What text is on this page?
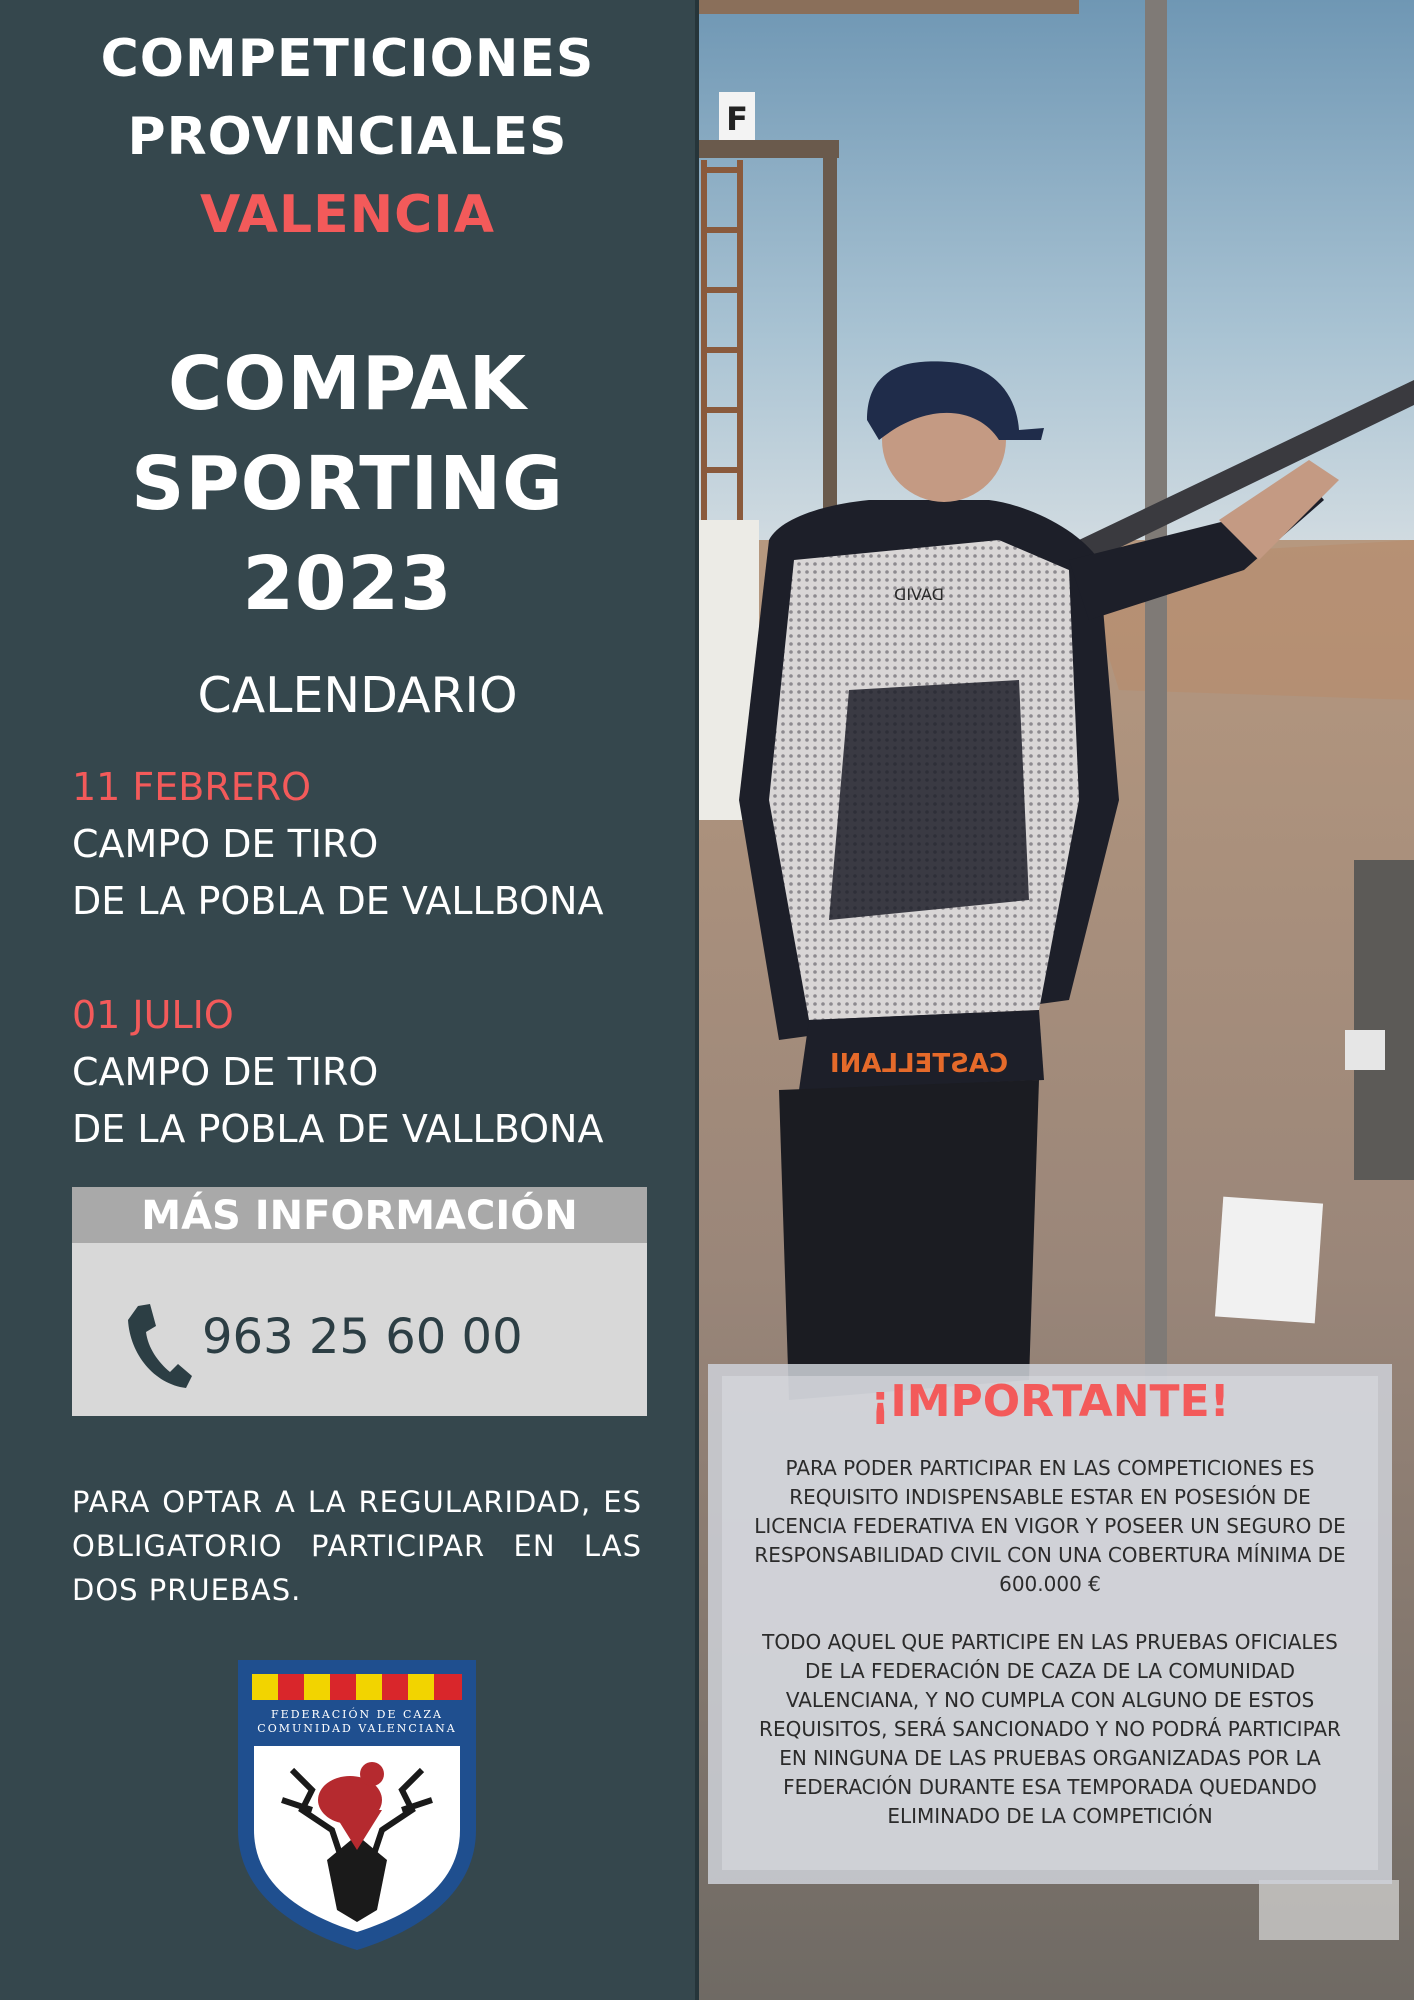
COMPETICIONES
PROVINCIALES
VALENCIA
COMPAK
SPORTING
2023
CALENDARIO
11 FEBRERO
CAMPO DE TIRO
DE LA POBLA DE VALLBONA
01 JULIO
CAMPO DE TIRO
DE LA POBLA DE VALLBONA
MÁS INFORMACIÓN
963 25 60 00
PARA OPTAR A LA REGULARIDAD, ES OBLIGATORIO PARTICIPAR EN LAS DOS PRUEBAS.
FEDERACIÓN DE CAZA
COMUNIDAD VALENCIANA
F
CASTELLANI
DAVID
¡IMPORTANTE!
PARA PODER PARTICIPAR EN LAS COMPETICIONES ES REQUISITO INDISPENSABLE ESTAR EN POSESIÓN DE LICENCIA FEDERATIVA EN VIGOR Y POSEER UN SEGURO DE RESPONSABILIDAD CIVIL CON UNA COBERTURA MÍNIMA DE 600.000 €
TODO AQUEL QUE PARTICIPE EN LAS PRUEBAS OFICIALES DE LA FEDERACIÓN DE CAZA DE LA COMUNIDAD VALENCIANA, Y NO CUMPLA CON ALGUNO DE ESTOS REQUISITOS, SERÁ SANCIONADO Y NO PODRÁ PARTICIPAR EN NINGUNA DE LAS PRUEBAS ORGANIZADAS POR LA FEDERACIÓN DURANTE ESA TEMPORADA QUEDANDO ELIMINADO DE LA COMPETICIÓN
